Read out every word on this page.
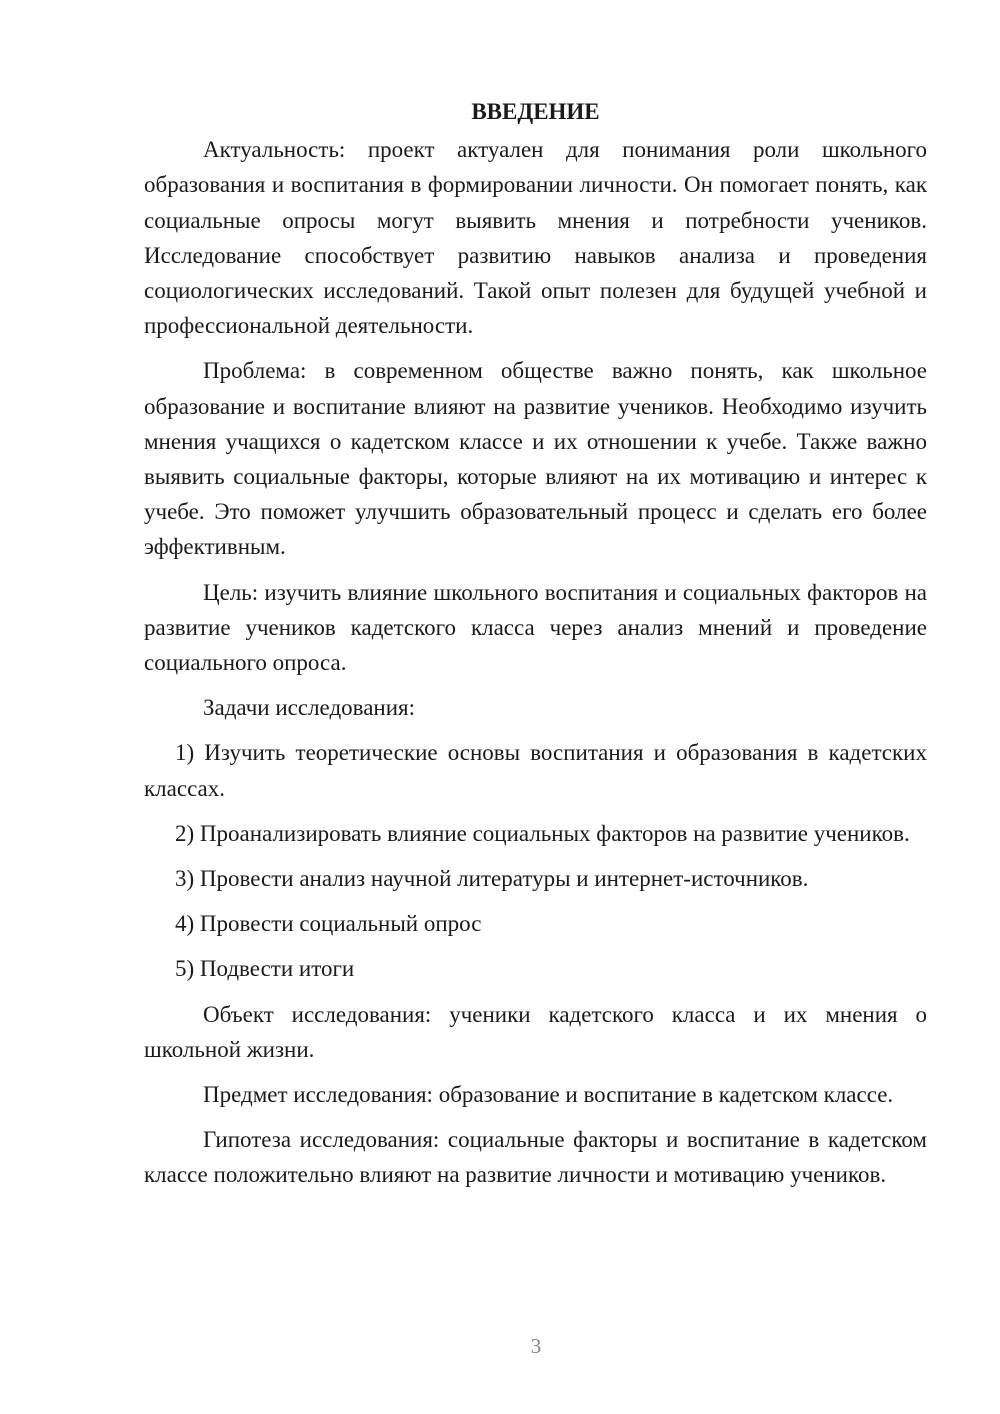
ВВЕДЕНИЕ

Актуальность: проект актуален для понимания роли школьного образования и воспитания в формировании личности. Он помогает понять, как социальные опросы могут выявить мнения и потребности учеников. Исследование способствует развитию навыков анализа и проведения социологических исследований. Такой опыт полезен для будущей учебной и профессиональной деятельности.

Проблема: в современном обществе важно понять, как школьное образование и воспитание влияют на развитие учеников. Необходимо изучить мнения учащихся о кадетском классе и их отношении к учебе. Также важно выявить социальные факторы, которые влияют на их мотивацию и интерес к учебе. Это поможет улучшить образовательный процесс и сделать его более эффективным.

Цель: изучить влияние школьного воспитания и социальных факторов на развитие учеников кадетского класса через анализ мнений и проведение социального опроса.

Задачи исследования:

1) Изучить теоретические основы воспитания и образования в кадетских классах.

2) Проанализировать влияние социальных факторов на развитие учеников.

3) Провести анализ научной литературы и интернет-источников.

4) Провести социальный опрос

5) Подвести итоги

Объект исследования: ученики кадетского класса и их мнения о школьной жизни.

Предмет исследования: образование и воспитание в кадетском классе.

Гипотеза исследования: социальные факторы и воспитание в кадетском классе положительно влияют на развитие личности и мотивацию учеников.

3
